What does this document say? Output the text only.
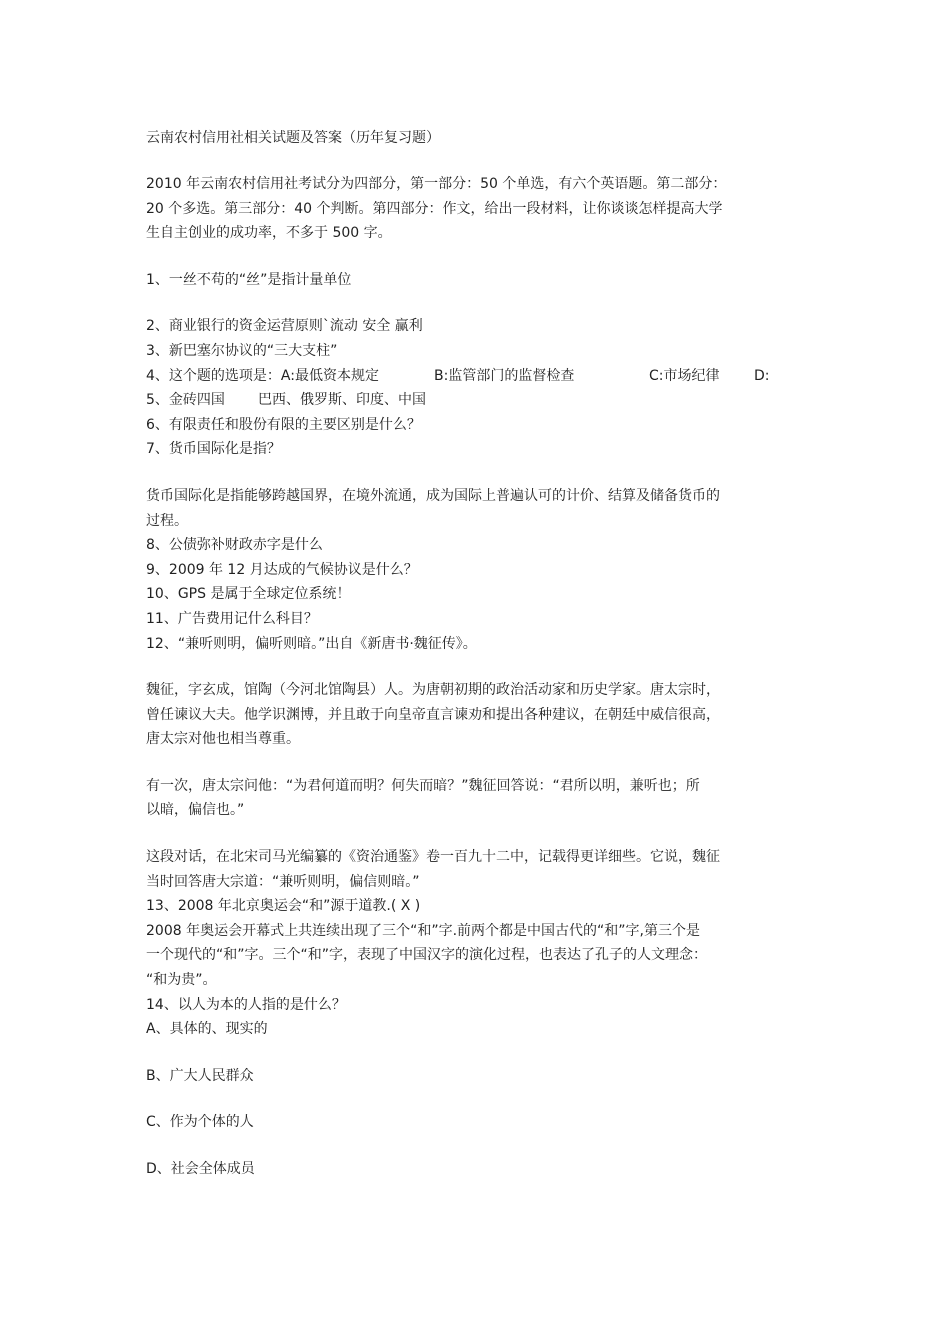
云南农村信用社相关试题及答案（历年复习题）
2010 年云南农村信用社考试分为四部分，第一部分：50 个单选，有六个英语题。第二部分：
20 个多选。第三部分：40 个判断。第四部分：作文，给出一段材料，让你谈谈怎样提高大学
生自主创业的成功率，不多于 500 字。
1、一丝不苟的“丝”是指计量单位
2、商业银行的资金运营原则`流动 安全 赢利
3、新巴塞尔协议的“三大支柱”
4、这个题的选项是：A:最低资本规定	B:监管部门的监督检查	C:市场纪律 D:
5、金砖四国 巴西、俄罗斯、印度、中国
6、有限责任和股份有限的主要区别是什么？
7、货币国际化是指？
货币国际化是指能够跨越国界，在境外流通，成为国际上普遍认可的计价、结算及储备货币的
过程。
8、公债弥补财政赤字是什么
9、2009 年 12 月达成的气候协议是什么？
10、GPS 是属于全球定位系统！
11、广告费用记什么科目？
12、“兼听则明，偏听则暗。”出自《新唐书·魏征传》。
魏征，字玄成，馆陶（今河北馆陶县）人。为唐朝初期的政治活动家和历史学家。唐太宗时，
曾任谏议大夫。他学识渊博，并且敢于向皇帝直言谏劝和提出各种建议，在朝廷中威信很高，
唐太宗对他也相当尊重。
有一次，唐太宗问他：“为君何道而明？何失而暗？”魏征回答说：“君所以明，兼听也；所
以暗，偏信也。”
这段对话，在北宋司马光编纂的《资治通鉴》卷一百九十二中，记载得更详细些。它说，魏征
当时回答唐大宗道：“兼听则明，偏信则暗。”
13、2008 年北京奥运会“和”源于道教.( X )
2008 年奥运会开幕式上共连续出现了三个“和”字.前两个都是中国古代的“和”字,第三个是
一个现代的“和”字。三个“和”字，表现了中国汉字的演化过程，也表达了孔子的人文理念：
“和为贵”。
14、以人为本的人指的是什么？
A、具体的、现实的
B、广大人民群众
C、作为个体的人
D、社会全体成员
